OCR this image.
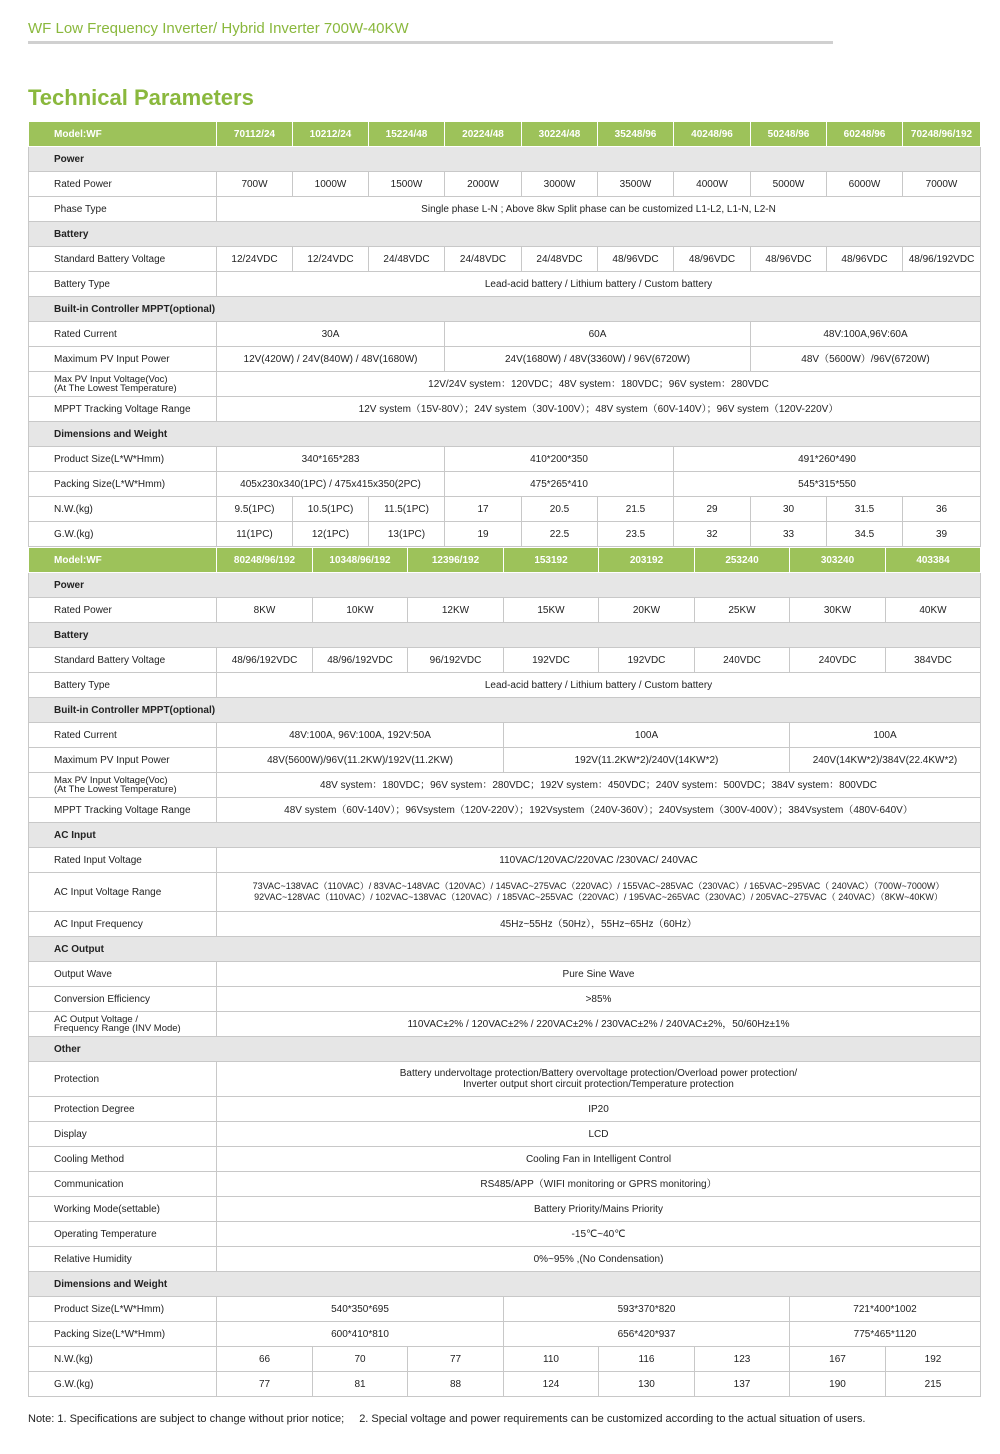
WF Low Frequency Inverter/ Hybrid Inverter 700W-40KW
Technical Parameters
Model:WF	70112/24	10212/24	15224/48	20224/48	30224/48	35248/96	40248/96	50248/96	60248/96	70248/96/192
Power										
Rated Power	700W	1000W	1500W	2000W	3000W	3500W	4000W	5000W	6000W	7000W
Phase Type	Single phase L-N ; Above 8kw Split phase can be customized L1-L2, L1-N, L2-N									
Battery										
Standard Battery Voltage	12/24VDC	12/24VDC	24/48VDC	24/48VDC	24/48VDC	48/96VDC	48/96VDC	48/96VDC	48/96VDC	48/96/192VDC
Battery Type	Lead-acid battery / Lithium battery / Custom battery									
Built-in Controller MPPT(optional)										
Rated Current	30A			60A				48V:100A,96V:60A		
Maximum PV Input Power	12V(420W) / 24V(840W) / 48V(1680W)			24V(1680W) / 48V(3360W) / 96V(6720W)				48V（5600W）/96V(6720W)		

Max PV Input Voltage(Voc)
(At The Lowest Temperature)	12V/24V system：120VDC；48V system：180VDC；96V system：280VDC									
MPPT Tracking Voltage Range	12V system（15V-80V）；24V system（30V-100V）；48V system（60V-140V）；96V system（120V-220V）									
Dimensions and Weight										
Product Size(L*W*Hmm)	340*165*283			410*200*350			491*260*490			
Packing Size(L*W*Hmm)	405x230x340(1PC) / 475x415x350(2PC)			475*265*410			545*315*550			
N.W.(kg)	9.5(1PC)	10.5(1PC)	11.5(1PC)	17	20.5	21.5	29	30	31.5	36
G.W.(kg)	11(1PC)	12(1PC)	13(1PC)	19	22.5	23.5	32	33	34.5	39
Model:WF	80248/96/192	10348/96/192	12396/192	153192	203192	253240	303240	403384
Power								
Rated Power	8KW	10KW	12KW	15KW	20KW	25KW	30KW	40KW
Battery								
Standard Battery Voltage	48/96/192VDC	48/96/192VDC	96/192VDC	192VDC	192VDC	240VDC	240VDC	384VDC
Battery Type	Lead-acid battery / Lithium battery / Custom battery							
Built-in Controller MPPT(optional)								
Rated Current	48V:100A, 96V:100A, 192V:50A			100A			100A	
Maximum PV Input Power	48V(5600W)/96V(11.2KW)/192V(11.2KW)			192V(11.2KW*2)/240V(14KW*2)			240V(14KW*2)/384V(22.4KW*2)	

Max PV Input Voltage(Voc)
(At The Lowest Temperature)	48V system：180VDC；96V system：280VDC；192V system：450VDC；240V system：500VDC；384V system：800VDC							
MPPT Tracking Voltage Range	48V system（60V-140V）；96Vsystem（120V-220V）；192Vsystem（240V-360V）；240Vsystem（300V-400V）；384Vsystem（480V-640V）							
AC Input								
Rated Input Voltage	110VAC/120VAC/220VAC /230VAC/ 240VAC							
AC Input Voltage Range	73VAC~138VAC（110VAC）/ 83VAC~148VAC（120VAC）/ 145VAC~275VAC（220VAC）/ 155VAC~285VAC（230VAC）/ 165VAC~295VAC（ 240VAC）（700W~7000W）
92VAC~128VAC（110VAC）/ 102VAC~138VAC（120VAC）/ 185VAC~255VAC（220VAC）/ 195VAC~265VAC（230VAC）/ 205VAC~275VAC（ 240VAC）（8KW~40KW）							

AC Input Frequency	45Hz~55Hz（50Hz），55Hz~65Hz（60Hz）							
AC Output								
Output Wave	Pure Sine Wave							
Conversion Efficiency	>85%							

AC Output Voltage /
Frequency Range (INV Mode)	110VAC±2% / 120VAC±2% / 220VAC±2% / 230VAC±2% / 240VAC±2%，50/60Hz±1%							
Other								
Protection	Battery undervoltage protection/Battery overvoltage protection/Overload power protection/
Inverter output short circuit protection/Temperature protection							

Protection Degree	IP20							
Display	LCD							
Cooling Method	Cooling Fan in Intelligent Control							
Communication	RS485/APP（WIFI monitoring or GPRS monitoring）							
Working Mode(settable)	Battery Priority/Mains Priority							
Operating Temperature	-15℃~40℃							
Relative Humidity	0%~95% ,(No Condensation)							
Dimensions and Weight								
Product Size(L*W*Hmm)	540*350*695			593*370*820			721*400*1002	
Packing Size(L*W*Hmm)	600*410*810			656*420*937			775*465*1120	
N.W.(kg)	66	70	77	110	116	123	167	192
G.W.(kg)	77	81	88	124	130	137	190	215
Note: 1. Specifications are subject to change without prior notice; 2. Special voltage and power requirements can be customized according to the actual situation of users.
